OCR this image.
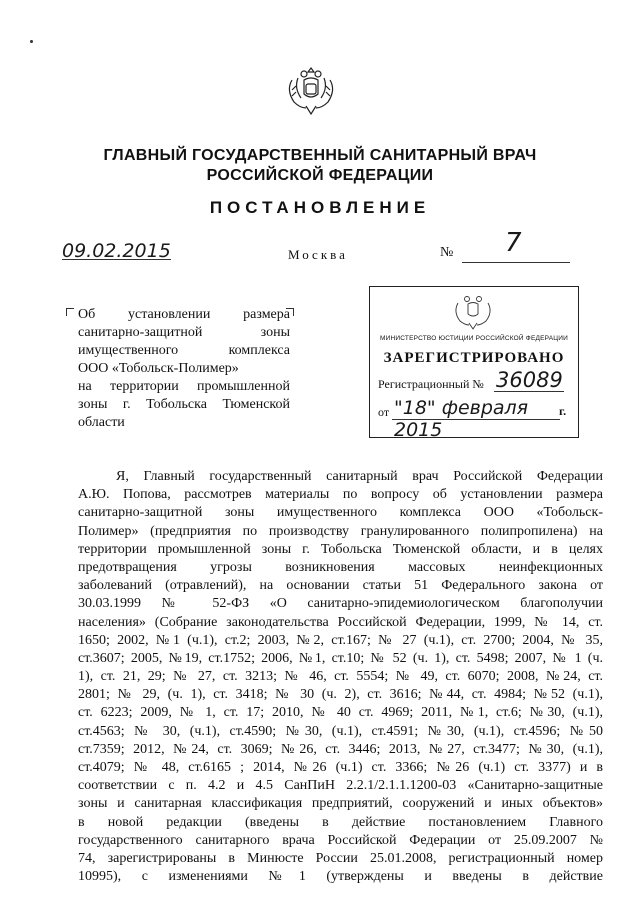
ГЛАВНЫЙ ГОСУДАРСТВЕННЫЙ САНИТАРНЫЙ ВРАЧ
РОССИЙСКОЙ ФЕДЕРАЦИИ
ПОСТАНОВЛЕНИЕ
09.02.2015	Москва	№ 7
Об установлении размера
санитарно-защитной зоны
имущественного комплекса
ООО «Тобольск-Полимер»
на территории промышленной
зоны г. Тобольска Тюменской
области
МИНИСТЕРСТВО ЮСТИЦИИ РОССИЙСКОЙ ФЕДЕРАЦИИ
ЗАРЕГИСТРИРОВАНО
Регистрационный № 36089
от "18" февраля 2015
г.
Я, Главный государственный санитарный врач Российской Федерации
А.Ю. Попова, рассмотрев материалы по вопросу об установлении размера
санитарно-защитной зоны имущественного комплекса ООО «Тобольск-
Полимер» (предприятия по производству гранулированного полипропилена) на
территории промышленной зоны г. Тобольска Тюменской области, и в целях
предотвращения угрозы возникновения массовых неинфекционных
заболеваний (отравлений), на основании статьи 51 Федерального закона от
30.03.1999 № 52-ФЗ «О санитарно-эпидемиологическом благополучии
населения» (Собрание законодательства Российской Федерации, 1999, № 14, ст.
1650; 2002, №1 (ч.1), ст.2; 2003, №2, ст.167; № 27 (ч.1), ст. 2700; 2004, № 35,
ст.3607; 2005, №19, ст.1752; 2006, №1, ст.10; № 52 (ч. 1), ст. 5498; 2007, № 1 (ч.
1), ст. 21, 29; № 27, ст. 3213; № 46, ст. 5554; № 49, ст. 6070; 2008, №24, ст.
2801; № 29, (ч. 1), ст. 3418; № 30 (ч. 2), ст. 3616; №44, ст. 4984; №52 (ч.1),
ст. 6223; 2009, № 1, ст. 17; 2010, № 40 ст. 4969; 2011, №1, ст.6; №30, (ч.1),
ст.4563; № 30, (ч.1), ст.4590; №30, (ч.1), ст.4591; №30, (ч.1), ст.4596; №50
ст.7359; 2012, №24, ст. 3069; №26, ст. 3446; 2013, №27, ст.3477; №30, (ч.1),
ст.4079; № 48, ст.6165 ; 2014, №26 (ч.1) ст. 3366; №26 (ч.1) ст. 3377) и в
соответствии с п. 4.2 и 4.5 СанПиН 2.2.1/2.1.1.1200-03 «Санитарно-защитные
зоны и санитарная классификация предприятий, сооружений и иных объектов»
в новой редакции (введены в действие постановлением Главного
государственного санитарного врача Российской Федерации от 25.09.2007 №
74, зарегистрированы в Минюсте России 25.01.2008, регистрационный номер
10995), с изменениями №1 (утверждены и введены в действие
